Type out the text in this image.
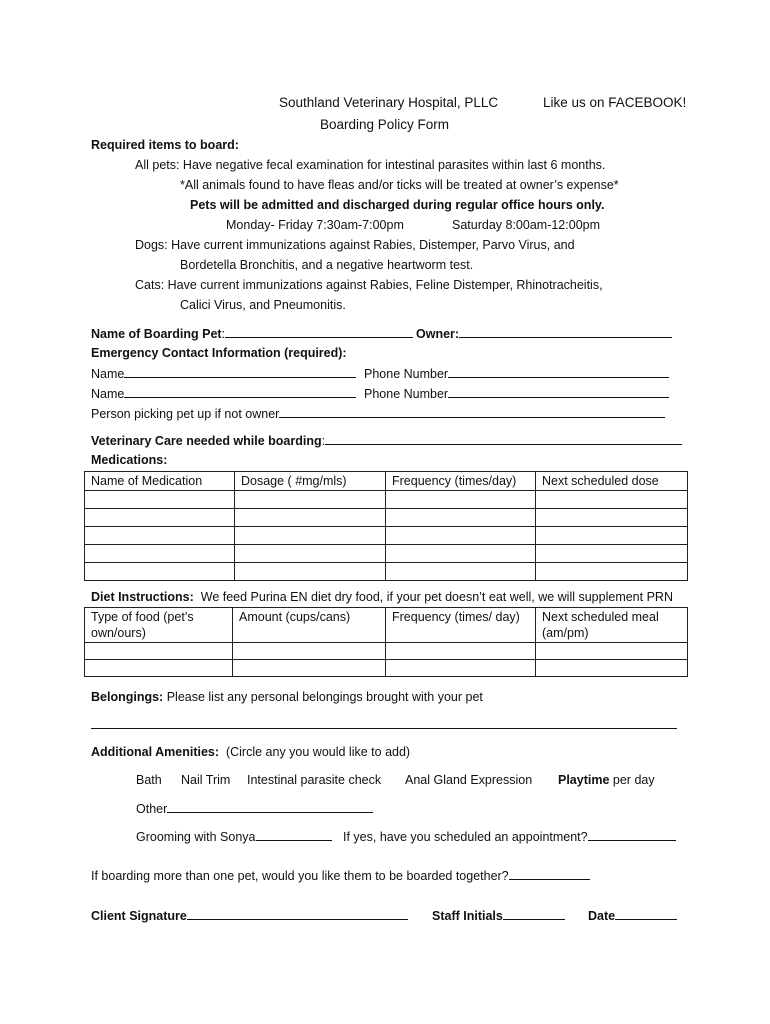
Southland Veterinary Hospital, PLLC	Like us on FACEBOOK!
Boarding Policy Form
Required items to board:
All pets: Have negative fecal examination for intestinal parasites within last 6 months.
*All animals found to have fleas and/or ticks will be treated at owner’s expense*
Pets will be admitted and discharged during regular office hours only.
Monday- Friday 7:30am-7:00pm	Saturday 8:00am-12:00pm
Dogs: Have current immunizations against Rabies, Distemper, Parvo Virus, and
Bordetella Bronchitis, and a negative heartworm test.
Cats: Have current immunizations against Rabies, Feline Distemper, Rhinotracheitis,
Calici Virus, and Pneumonitis.
Name of Boarding Pet:	Owner:
Emergency Contact Information (required):
Name	Phone Number
Name	Phone Number
Person picking pet up if not owner
Veterinary Care needed while boarding:
Medications:
Name of Medication	Dosage ( #mg/mls)	Frequency (times/day)	Next scheduled dose

Diet Instructions: We feed Purina EN diet dry food, if your pet doesn’t eat well, we will supplement PRN
Type of food (pet’s own/ours)	Amount (cups/cans)	Frequency (times/ day)	Next scheduled meal (am/pm)

Belongings: Please list any personal belongings brought with your pet
Additional Amenities: (Circle any you would like to add)
Bath Nail Trim Intestinal parasite check Anal Gland Expression Playtime per day
Other
Grooming with Sonya	If yes, have you scheduled an appointment?
If boarding more than one pet, would you like them to be boarded together?
Client Signature	Staff Initials	Date
